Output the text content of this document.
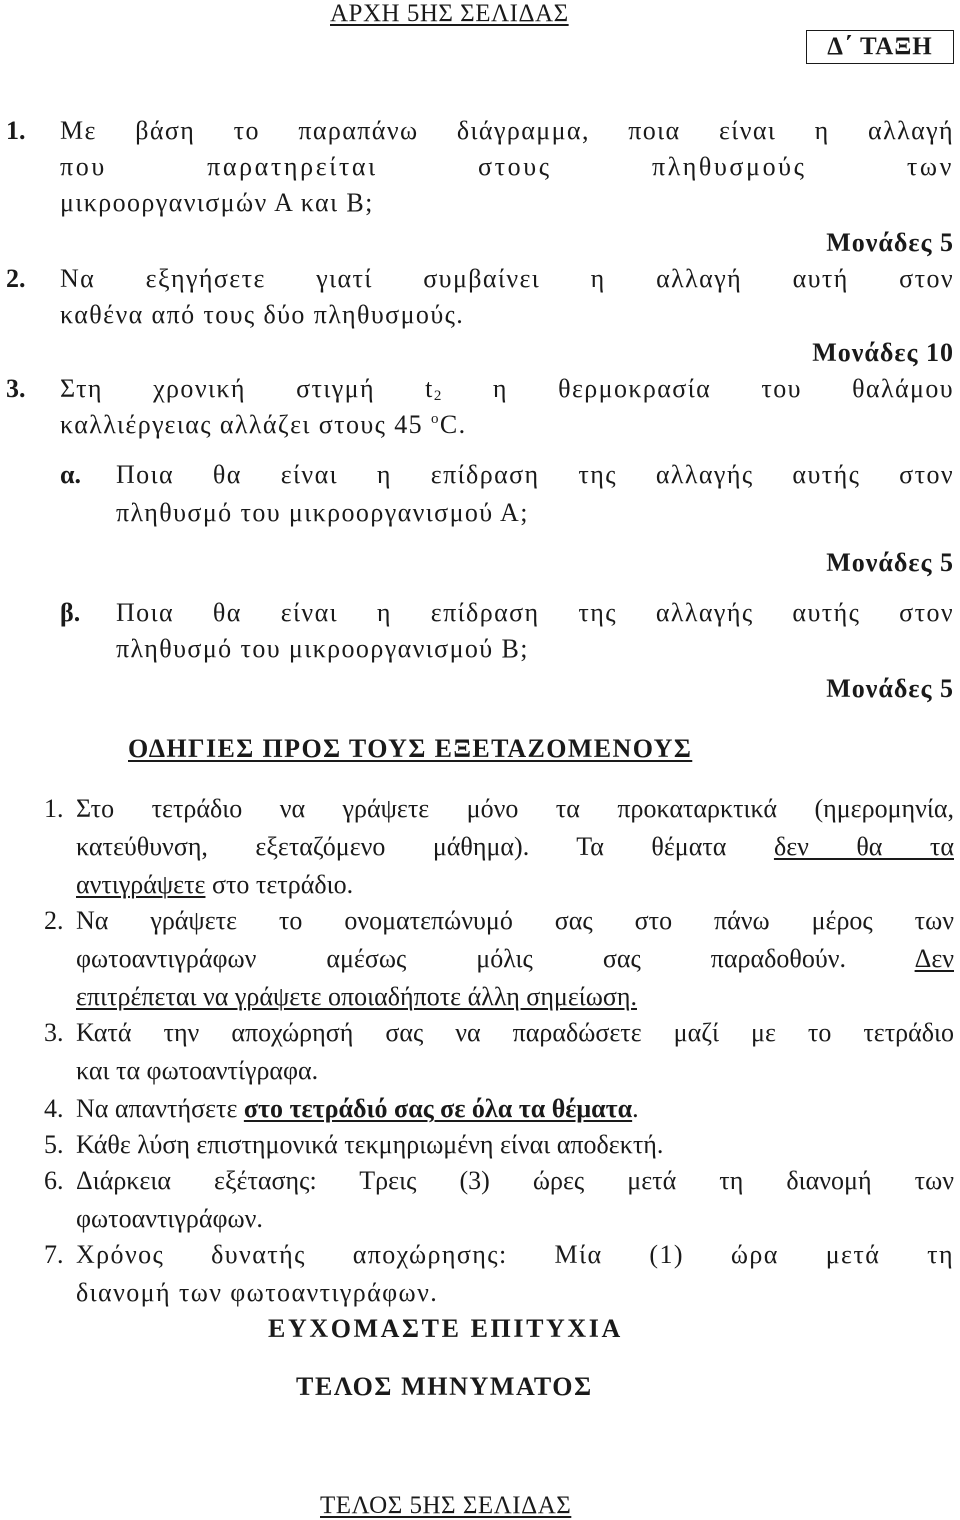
ΑΡΧΗ 5ΗΣ ΣΕΛΙΔΑΣ
Δ΄ ΤΑΞΗ
1. Με βάση το παραπάνω διάγραμμα, ποια είναι η αλλαγή
που παρατηρείται στους πληθυσμούς των
μικροοργανισμών Α και Β;
Μονάδες 5
2. Να εξηγήσετε γιατί συμβαίνει η αλλαγή αυτή στον
καθένα από τους δύο πληθυσμούς.
Μονάδες 10
3. Στη χρονική στιγμή $t_2$ η θερμοκρασία του θαλάμου
καλλιέργειας αλλάζει στους 45 $^o$C.
α. Ποια θα είναι η επίδραση της αλλαγής αυτής στον
πληθυσμό του μικροοργανισμού Α;
Μονάδες 5
β. Ποια θα είναι η επίδραση της αλλαγής αυτής στον
πληθυσμό του μικροοργανισμού Β;
Μονάδες 5
ΟΔΗΓΙΕΣ ΠΡΟΣ ΤΟΥΣ ΕΞΕΤΑΖΟΜΕΝΟΥΣ
1. Στο τετράδιο να γράψετε μόνο τα προκαταρκτικά (ημερομηνία,
κατεύθυνση, εξεταζόμενο μάθημα). Τα θέματα δεν θα τα
αντιγράψετε στο τετράδιο.
2. Να γράψετε το ονοματεπώνυμό σας στο πάνω μέρος των
φωτοαντιγράφων αμέσως μόλις σας παραδοθούν.	Δεν
επιτρέπεται να γράψετε οποιαδήποτε άλλη σημείωση.
3. Κατά την αποχώρησή σας να παραδώσετε μαζί με το τετράδιο
και τα φωτοαντίγραφα.
4. Να απαντήσετε στο τετράδιό σας σε όλα τα θέματα.
5. Κάθε λύση επιστημονικά τεκμηριωμένη είναι αποδεκτή.
6. Διάρκεια εξέτασης: Τρεις (3) ώρες μετά τη διανομή των
φωτοαντιγράφων.
7. Χρόνος δυνατής αποχώρησης: Μία (1) ώρα μετά τη
διανομή των φωτοαντιγράφων.
ΕΥΧΟΜΑΣΤΕ ΕΠΙΤΥΧΙΑ
ΤΕΛΟΣ ΜΗΝΥΜΑΤΟΣ
ΤΕΛΟΣ 5ΗΣ ΣΕΛΙΔΑΣ
